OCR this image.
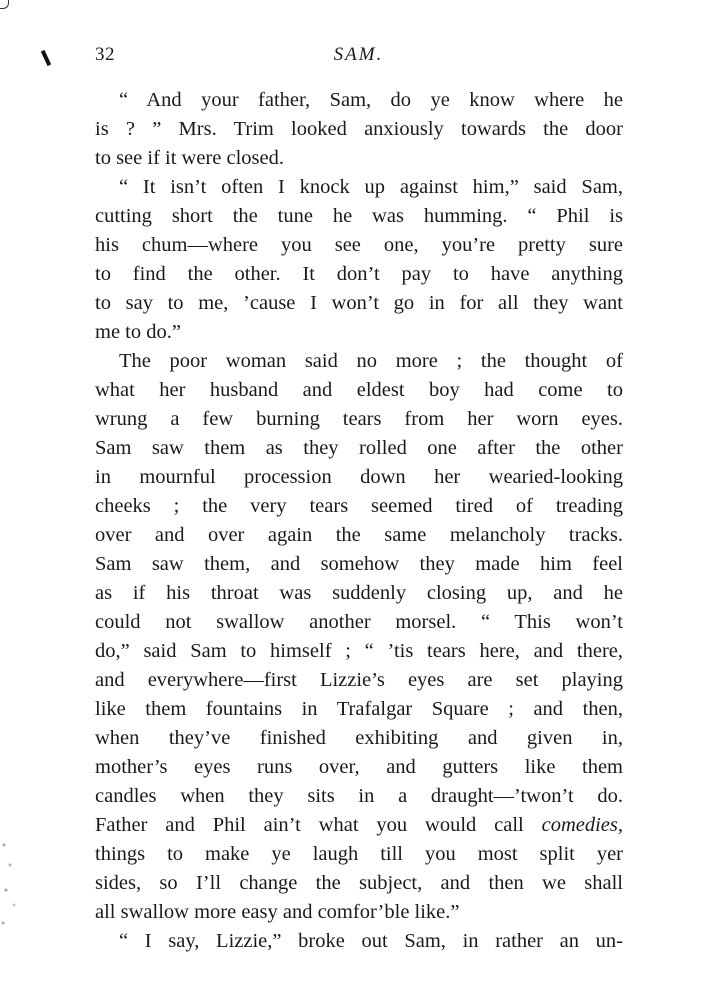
32	SAM.
“ And your father, Sam, do ye know where he
is ? ” Mrs. Trim looked anxiously towards the door
to see if it were closed.
“ It isn’t often I knock up against him,” said Sam,
cutting short the tune he was humming. “ Phil is
his chum—where you see one, you’re pretty sure
to find the other. It don’t pay to have anything
to say to me, ’cause I won’t go in for all they want
me to do.”
The poor woman said no more ; the thought of
what her husband and eldest boy had come to
wrung a few burning tears from her worn eyes.
Sam saw them as they rolled one after the other
in mournful procession down her wearied-looking
cheeks ; the very tears seemed tired of treading
over and over again the same melancholy tracks.
Sam saw them, and somehow they made him feel
as if his throat was suddenly closing up, and he
could not swallow another morsel. “ This won’t
do,” said Sam to himself ; “ ’tis tears here, and there,
and everywhere—first Lizzie’s eyes are set playing
like them fountains in Trafalgar Square ; and then,
when they’ve finished exhibiting and given in,
mother’s eyes runs over, and gutters like them
candles when they sits in a draught—’twon’t do.
Father and Phil ain’t what you would call comedies,
things to make ye laugh till you most split yer
sides, so I’ll change the subject, and then we shall
all swallow more easy and comfor’ble like.”
“ I say, Lizzie,” broke out Sam, in rather an un-
